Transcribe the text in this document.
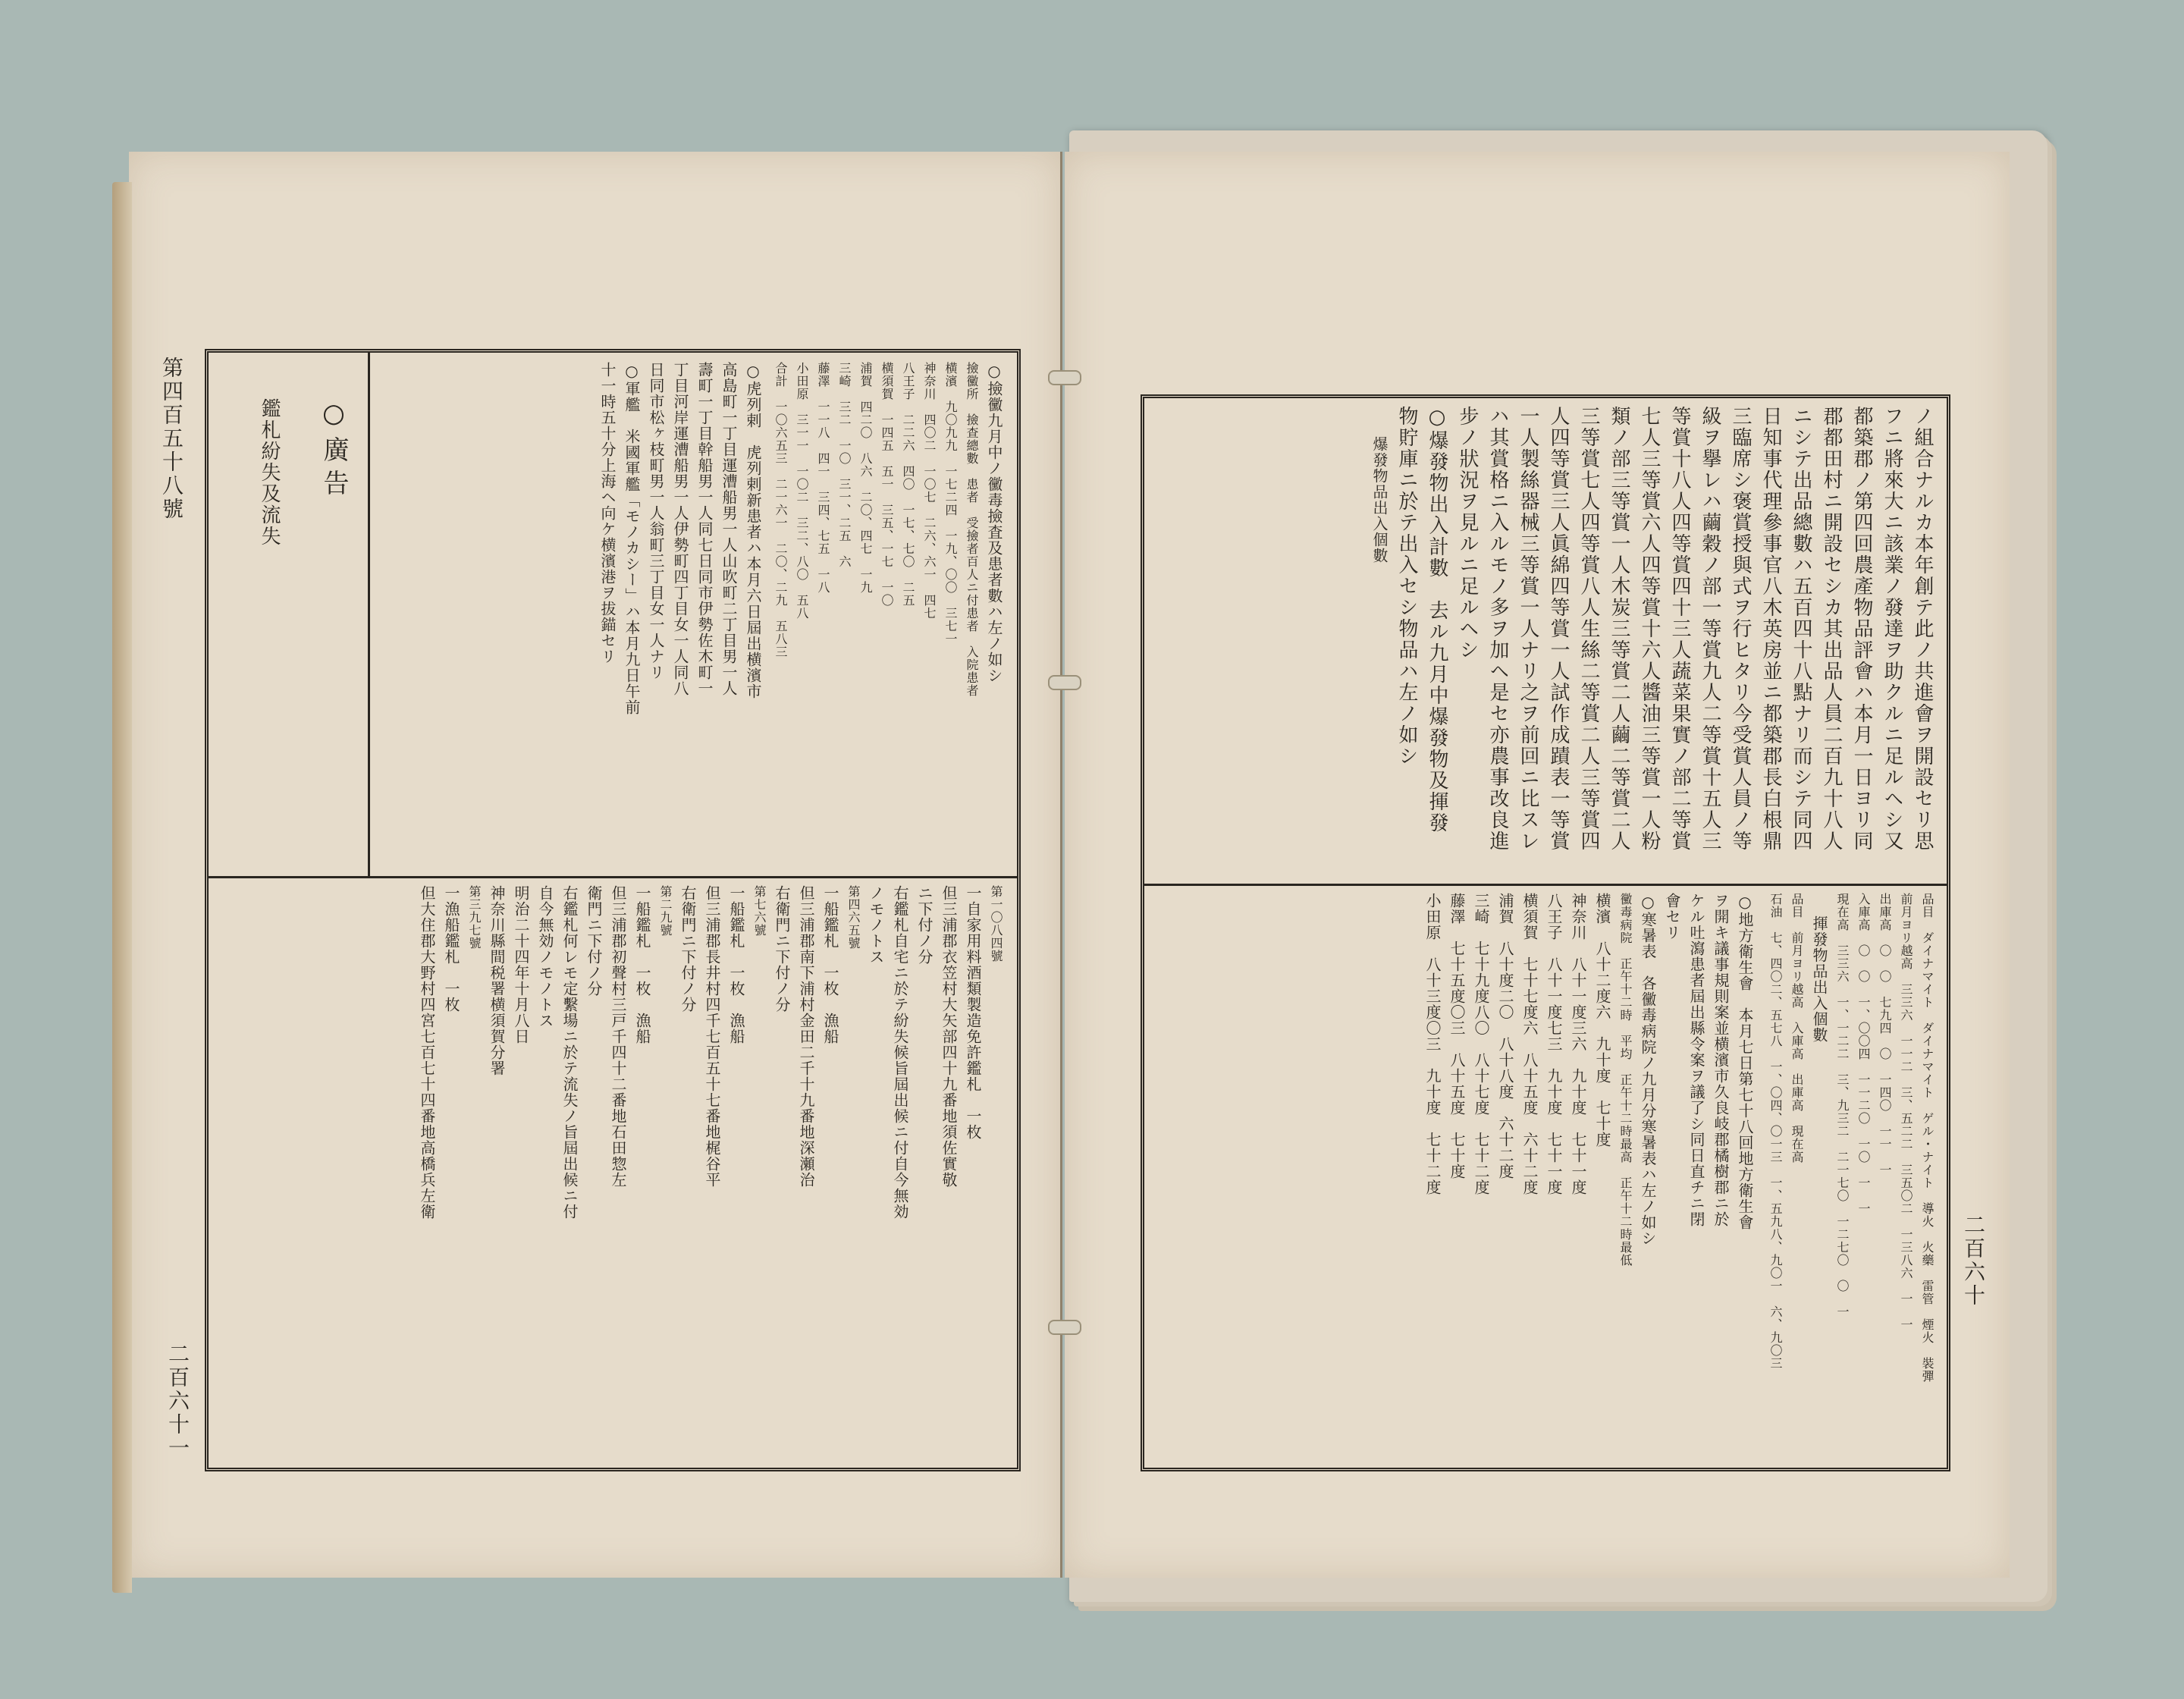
第四百五十八號
二百六十一
○撿黴九月中ノ黴毒撿査及患者數ハ左ノ如シ
撿黴所　撿查總數　患者　受撿者百人ニ付患者　入院患者
横濱　九〇九九　一七二四　一九、〇〇　三七一
神奈川　四〇二　一〇七　二六、六一　四七
八王子　二二六　四〇　一七、七〇　二五
横須賀　一四五　五一　三五、一七　一〇
浦賀　四二〇　八六　二〇、四七　一九
三崎　三二　一〇　三一、二五　六
藤澤　一一八　四一　三四、七五　一八
小田原　三一一　一〇二　三二、八〇　五八
合計　一〇六五三　二一六一　二〇、二九　五八三
○虎列剌　虎列剌新患者ハ本月六日屆出横濱市
高島町一丁目運漕船男一人山吹町二丁目男一人
壽町一丁目幹船男一人同七日同市伊勢佐木町一
丁目河岸運漕船男一人伊勢町四丁目女一人同八
日同市松ヶ枝町男一人翁町三丁目女一人ナリ
○軍艦　米國軍艦「モノカシー」ハ本月九日午前
十一時五十分上海ヘ向ケ横濱港ヲ拔錨セリ
○廣告
鑑札紛失及流失
第一〇八四號
一自家用料酒類製造免許鑑札　一枚
但三浦郡衣笠村大矢部四十九番地須佐實敬
ニ下付ノ分
右鑑札自宅ニ於テ紛失候旨屆出候ニ付自今無効
ノモノトス
第四六五號
一船鑑札　一枚　漁船
但三浦郡南下浦村金田二千十九番地深瀬治
右衛門ニ下付ノ分
第七六號
一船鑑札　一枚　漁船
但三浦郡長井村四千七百五十七番地梶谷平
右衛門ニ下付ノ分
第二九號
一船鑑札　一枚　漁船
但三浦郡初聲村三戸千四十二番地石田惣左
衛門ニ下付ノ分
右鑑札何レモ定繫場ニ於テ流失ノ旨屆出候ニ付
自今無効ノモノトス
明治二十四年十月八日
神奈川縣間税署横須賀分署
第三九七號
一漁船鑑札　一枚
但大住郡大野村四宮七百七十四番地高橋兵左衛
二百六十
ノ組合ナルカ本年創テ此ノ共進會ヲ開設セリ思
フニ將來大ニ該業ノ發達ヲ助クルニ足ルヘシ又
都築郡ノ第四回農產物品評會ハ本月一日ヨリ同
郡都田村ニ開設セシカ其出品人員二百九十八人
ニシテ出品總數ハ五百四十八點ナリ而シテ同四
日知事代理參事官八木英房並ニ都築郡長白根鼎
三臨席シ褒賞授與式ヲ行ヒタリ今受賞人員ノ等
級ヲ擧レハ繭穀ノ部一等賞九人二等賞十五人三
等賞十八人四等賞四十三人蔬菜果實ノ部二等賞
七人三等賞六人四等賞十六人醬油三等賞一人粉
類ノ部三等賞一人木炭三等賞二人繭二等賞二人
三等賞七人四等賞八人生絲二等賞二人三等賞四
人四等賞三人眞綿四等賞一人試作成蹟表一等賞
一人製絲器械三等賞一人ナリ之ヲ前回ニ比スレ
ハ其賞格ニ入ルモノ多ヲ加ヘ是セ亦農事改良進
步ノ狀況ヲ見ルニ足ルヘシ
○爆發物出入計數　去ル九月中爆發物及揮發
物貯庫ニ於テ出入セシ物品ハ左ノ如シ
爆發物品出入個數
品目　ダイナマイト　ダイナマイト　ゲル・ナイト　導火　火藥　雷管　煙火　裝彈
前月ヨリ越高　三三六　一一二　三、五二二　三五〇二　一三八六　一　一
出庫高　〇　〇　七九四　〇　一四〇　一一　一
入庫高　〇　〇　一、〇〇四　一一二〇　一〇　一　一
現在高　三三六　一、一二二　三、九三二　二一七〇　一二七〇　〇　一
揮發物品出入個數
品目　前月ヨリ越高　入庫高　出庫高　現在高
石油　七、四〇二、五七八　一、〇四、〇一三　一、五九八、九〇一　六、九〇三
○地方衛生會　本月七日第七十八回地方衛生會
ヲ開キ議事規則案並横濱市久良岐郡橘樹郡ニ於
ケル吐瀉患者屆出縣令案ヲ議了シ同日直チニ閉
會セリ
○寒暑表　各黴毒病院ノ九月分寒暑表ハ左ノ如シ
黴毒病院　正午十二時　平均　正午十二時最高　正午十二時最低
横濱　八十二度六　九十度　七十度
神奈川　八十一度三六　九十度　七十一度
八王子　八十一度七三　九十度　七十一度
横須賀　七十七度六　八十五度　六十二度
浦賀　八十度二〇　八十八度　六十二度
三崎　七十九度八〇　八十七度　七十二度
藤澤　七十五度〇三　八十五度　七十度
小田原　八十三度〇三　九十度　七十二度
